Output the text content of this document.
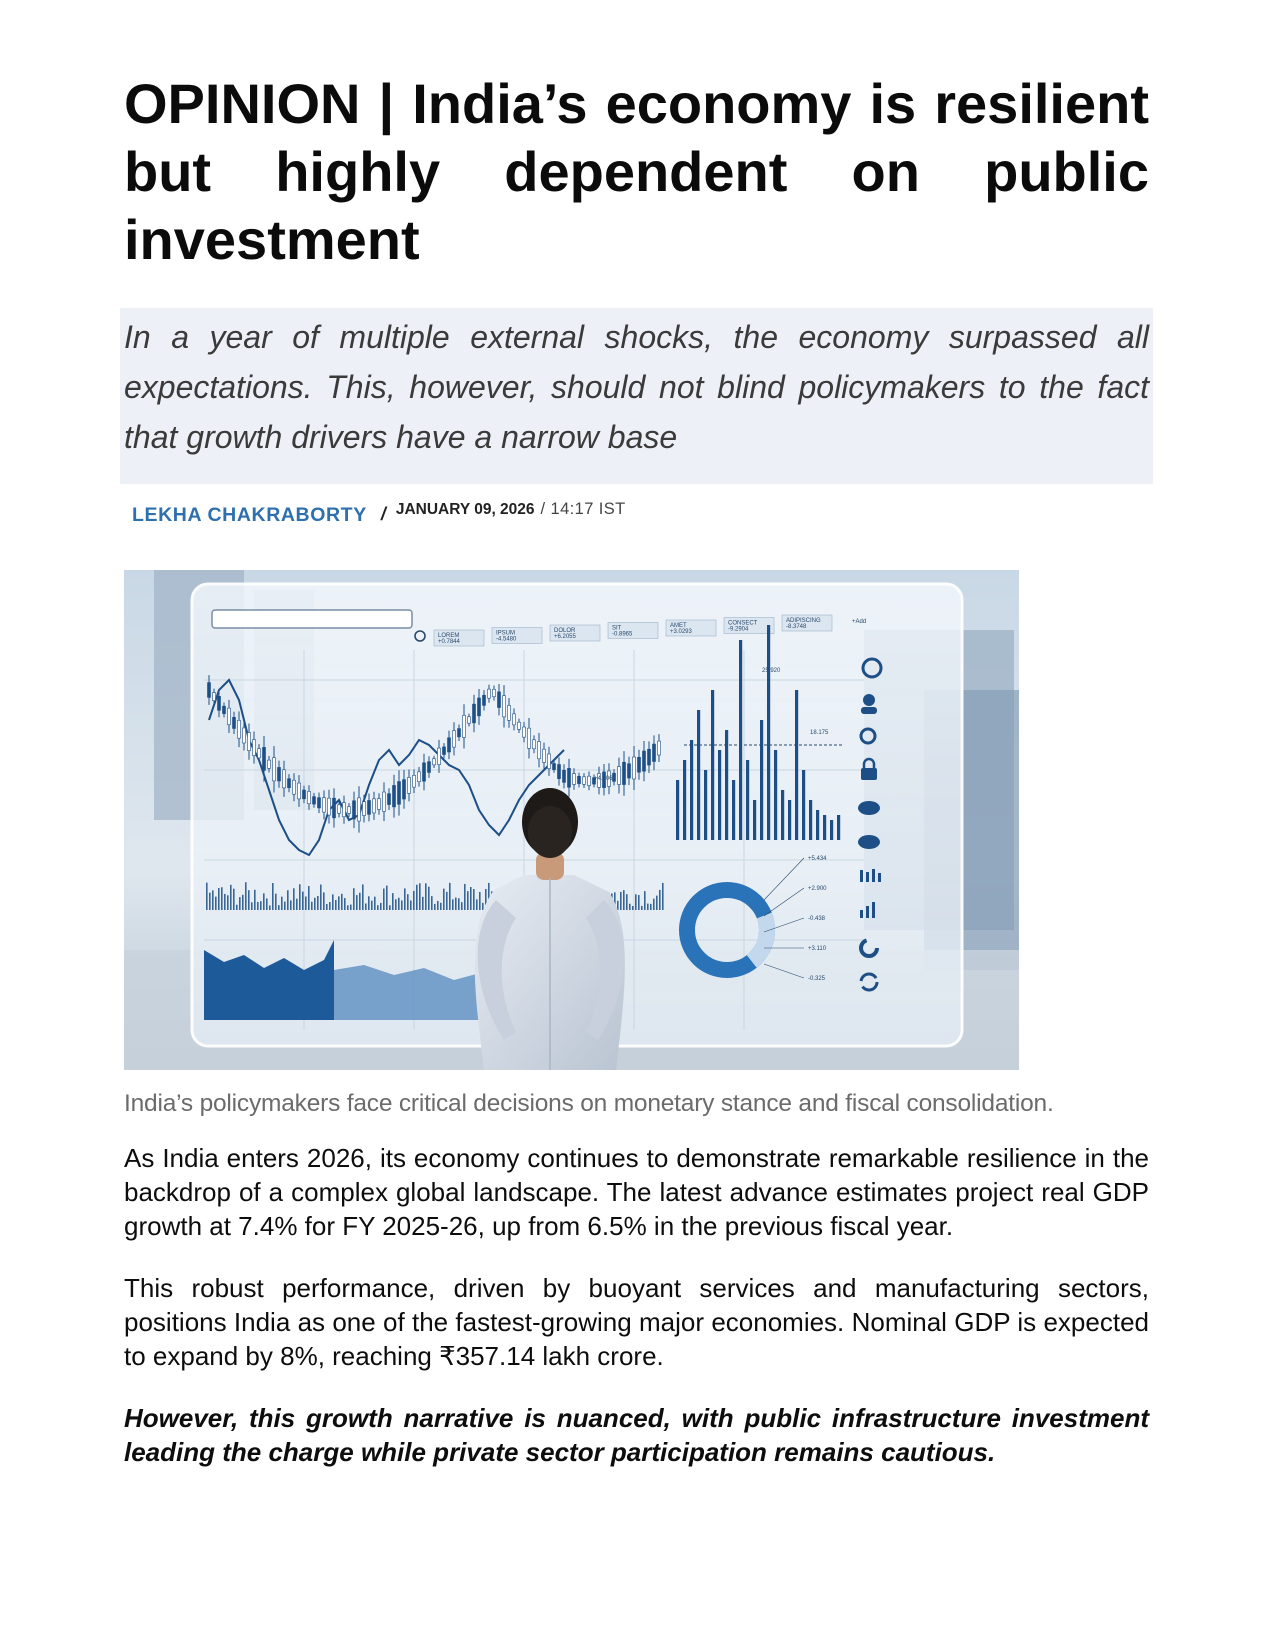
OPINION | India’s economy is resilient but highly dependent on public investment

In a year of multiple external shocks, the economy surpassed all expectations. This, however, should not blind policymakers to the fact that growth drivers have a narrow base

LEKHA CHAKRABORTY / JANUARY 09, 2026 / 14:17 IST
LOREM
+0.7844
IPSUM
-4.5480
DOLOR
+6.2055
SIT
-0.8965
AMET
+3.0293
CONSECT
-9.2904
ADIPISCING
-8.3748
25.920
18.175
+4.006
+5.434
+2.900
-0.438
+3.110
-0.325
+Add

India’s policymakers face critical decisions on monetary stance and fiscal consolidation.

As India enters 2026, its economy continues to demonstrate remarkable resilience in the backdrop of a complex global landscape. The latest advance estimates project real GDP growth at 7.4% for FY 2025-26, up from 6.5% in the previous fiscal year.

This robust performance, driven by buoyant services and manufacturing sectors, positions India as one of the fastest-growing major economies. Nominal GDP is expected to expand by 8%, reaching ₹357.14 lakh crore.

However, this growth narrative is nuanced, with public infrastructure investment leading the charge while private sector participation remains cautious.
